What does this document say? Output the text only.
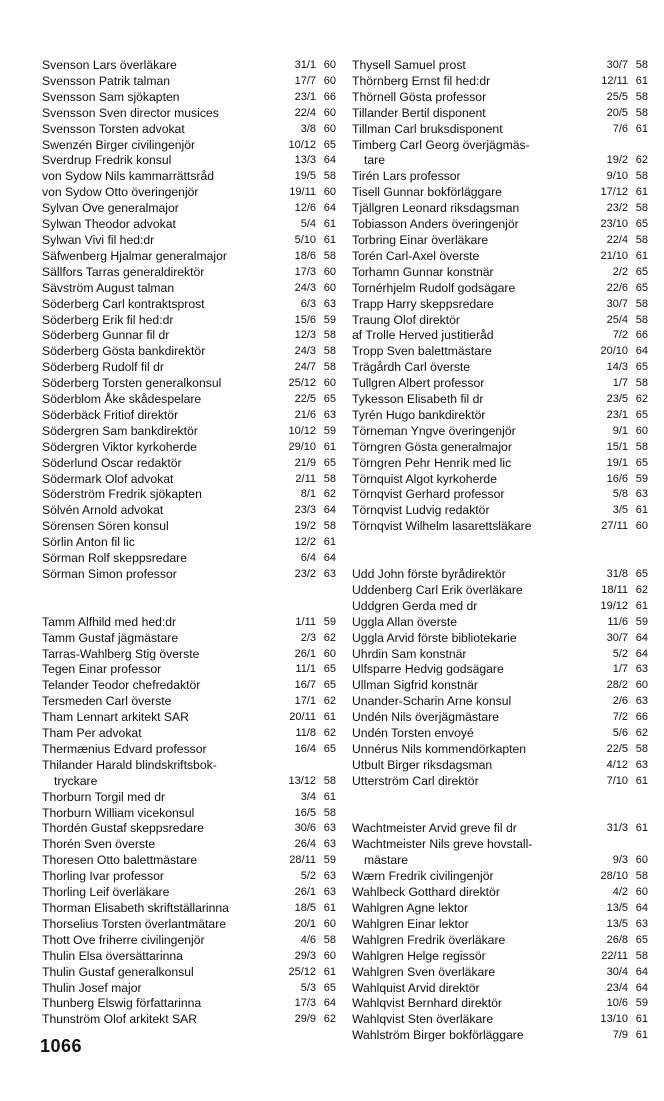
Svenson Lars överläkare	31/1 60
Svensson Patrik talman	17/7 60
Svensson Sam sjökapten	23/1 66
Svensson Sven director musices	22/4 60
Svensson Torsten advokat	3/8 60
Swenzén Birger civilingenjör	10/12 65
Sverdrup Fredrik konsul	13/3 64
von Sydow Nils kammarrättsråd	19/5 58
von Sydow Otto överingenjör	19/11 60
Sylvan Ove generalmajor	12/6 64
Sylwan Theodor advokat	5/4 61
Sylwan Vivi fil hed:dr	5/10 61
Säfwenberg Hjalmar generalmajor	18/6 58
Sällfors Tarras generaldirektör	17/3 60
Sävström August talman	24/3 60
Söderberg Carl kontraktsprost	6/3 63
Söderberg Erik fil hed:dr	15/6 59
Söderberg Gunnar fil dr	12/3 58
Söderberg Gösta bankdirektör	24/3 58
Söderberg Rudolf fil dr	24/7 58
Söderberg Torsten generalkonsul	25/12 60
Söderblom Åke skådespelare	22/5 65
Söderbäck Fritiof direktör	21/6 63
Södergren Sam bankdirektör	10/12 59
Södergren Viktor kyrkoherde	29/10 61
Söderlund Oscar redaktör	21/9 65
Södermark Olof advokat	2/11 58
Söderström Fredrik sjökapten	8/1 62
Sölvén Arnold advokat	23/3 64
Sörensen Sören konsul	19/2 58
Sörlin Anton fil lic	12/2 61
Sörman Rolf skeppsredare	6/4 64
Sörman Simon professor	23/2 63
Tamm Alfhild med hed:dr	1/11 59
Tamm Gustaf jägmästare	2/3 62
Tarras-Wahlberg Stig överste	26/1 60
Tegen Einar professor	11/1 65
Telander Teodor chefredaktör	16/7 65
Tersmeden Carl överste	17/1 62
Tham Lennart arkitekt SAR	20/11 61
Tham Per advokat	11/8 62
Thermænius Edvard professor	16/4 65
Thilander Harald blindskriftsbok-
tryckare	13/12 58
Thorburn Torgil med dr	3/4 61
Thorburn William vicekonsul	16/5 58
Thordén Gustaf skeppsredare	30/6 63
Thorén Sven överste	26/4 63
Thoresen Otto balettmästare	28/11 59
Thorling Ivar professor	5/2 63
Thorling Leif överläkare	26/1 63
Thorman Elisabeth skriftställarinna	18/5 61
Thorselius Torsten överlantmätare	20/1 60
Thott Ove friherre civilingenjör	4/6 58
Thulin Elsa översättarinna	29/3 60
Thulin Gustaf generalkonsul	25/12 61
Thulin Josef major	5/3 65
Thunberg Elswig författarinna	17/3 64
Thunström Olof arkitekt SAR	29/9 62
Thysell Samuel prost	30/7 58
Thörnberg Ernst fil hed:dr	12/11 61
Thörnell Gösta professor	25/5 58
Tillander Bertil disponent	20/5 58
Tillman Carl bruksdisponent	7/6 61
Timberg Carl Georg överjägmäs-
tare	19/2 62
Tirén Lars professor	9/10 58
Tisell Gunnar bokförläggare	17/12 61
Tjällgren Leonard riksdagsman	23/2 58
Tobiasson Anders överingenjör	23/10 65
Torbring Einar överläkare	22/4 58
Torén Carl-Axel överste	21/10 61
Torhamn Gunnar konstnär	2/2 65
Tornérhjelm Rudolf godsägare	22/6 65
Trapp Harry skeppsredare	30/7 58
Traung Olof direktör	25/4 58
af Trolle Herved justitieråd	7/2 66
Tropp Sven balettmästare	20/10 64
Trägårdh Carl överste	14/3 65
Tullgren Albert professor	1/7 58
Tykesson Elisabeth fil dr	23/5 62
Tyrén Hugo bankdirektör	23/1 65
Törneman Yngve överingenjör	9/1 60
Törngren Gösta generalmajor	15/1 58
Törngren Pehr Henrik med lic	19/1 65
Törnquist Algot kyrkoherde	16/6 59
Törnqvist Gerhard professor	5/8 63
Törnqvist Ludvig redaktör	3/5 61
Törnqvist Wilhelm lasarettsläkare	27/11 60
Udd John förste byrådirektör	31/8 65
Uddenberg Carl Erik överläkare	18/11 62
Uddgren Gerda med dr	19/12 61
Uggla Allan överste	11/6 59
Uggla Arvid förste bibliotekarie	30/7 64
Uhrdin Sam konstnär	5/2 64
Ulfsparre Hedvig godsägare	1/7 63
Ullman Sigfrid konstnär	28/2 60
Unander-Scharin Arne konsul	2/6 63
Undén Nils överjägmästare	7/2 66
Undén Torsten envoyé	5/6 62
Unnérus Nils kommendörkapten	22/5 58
Utbult Birger riksdagsman	4/12 63
Utterström Carl direktör	7/10 61
Wachtmeister Arvid greve fil dr	31/3 61
Wachtmeister Nils greve hovstall-
mästare	9/3 60
Wærn Fredrik civilingenjör	28/10 58
Wahlbeck Gotthard direktör	4/2 60
Wahlgren Agne lektor	13/5 64
Wahlgren Einar lektor	13/5 63
Wahlgren Fredrik överläkare	26/8 65
Wahlgren Helge regissör	22/11 58
Wahlgren Sven överläkare	30/4 64
Wahlquist Arvid direktör	23/4 64
Wahlqvist Bernhard direktör	10/6 59
Wahlqvist Sten överläkare	13/10 61
Wahlström Birger bokförläggare	7/9 61
1066
